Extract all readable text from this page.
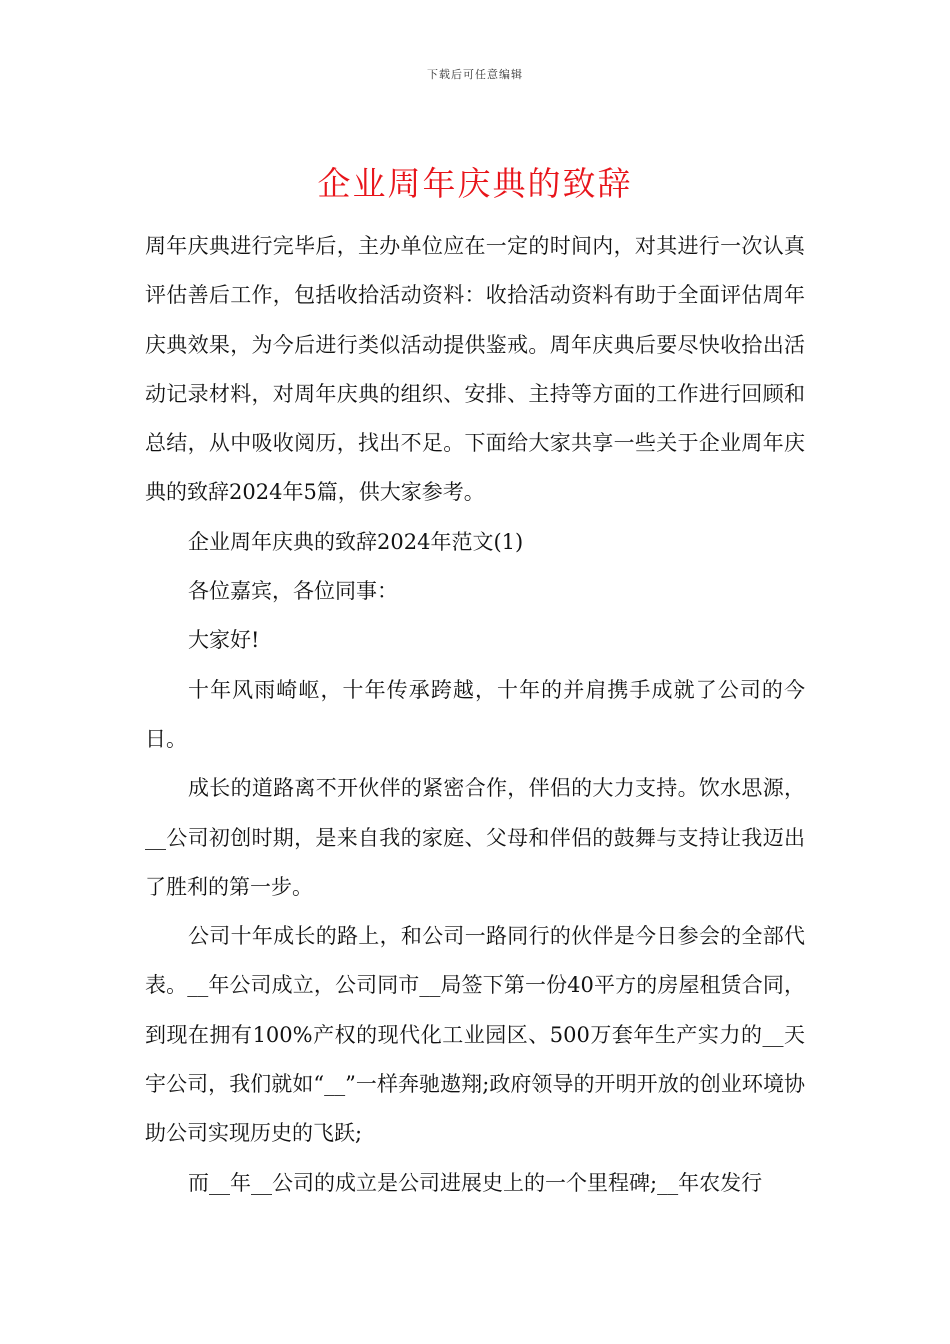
下载后可任意编辑
企业周年庆典的致辞

周年庆典进行完毕后，主办单位应在一定的时间内，对其进行一次认真评估善后工作，包括收拾活动资料：收拾活动资料有助于全面评估周年庆典效果，为今后进行类似活动提供鉴戒。周年庆典后要尽快收拾出活动记录材料，对周年庆典的组织、安排、主持等方面的工作进行回顾和总结，从中吸收阅历，找出不足。下面给大家共享一些关于企业周年庆典的致辞2024年5篇，供大家参考。

企业周年庆典的致辞2024年范文(1)

各位嘉宾，各位同事：

大家好!

十年风雨崎岖，十年传承跨越，十年的并肩携手成就了公司的今日。

成长的道路离不开伙伴的紧密合作，伴侣的大力支持。饮水思源，__公司初创时期，是来自我的家庭、父母和伴侣的鼓舞与支持让我迈出了胜利的第一步。

公司十年成长的路上，和公司一路同行的伙伴是今日参会的全部代表。__年公司成立，公司同市__局签下第一份40平方的房屋租赁合同，到现在拥有100%产权的现代化工业园区、500万套年生产实力的__天宇公司，我们就如“__”一样奔驰遨翔;政府领导的开明开放的创业环境协助公司实现历史的飞跃;

而__年__公司的成立是公司进展史上的一个里程碑;__年农发行
